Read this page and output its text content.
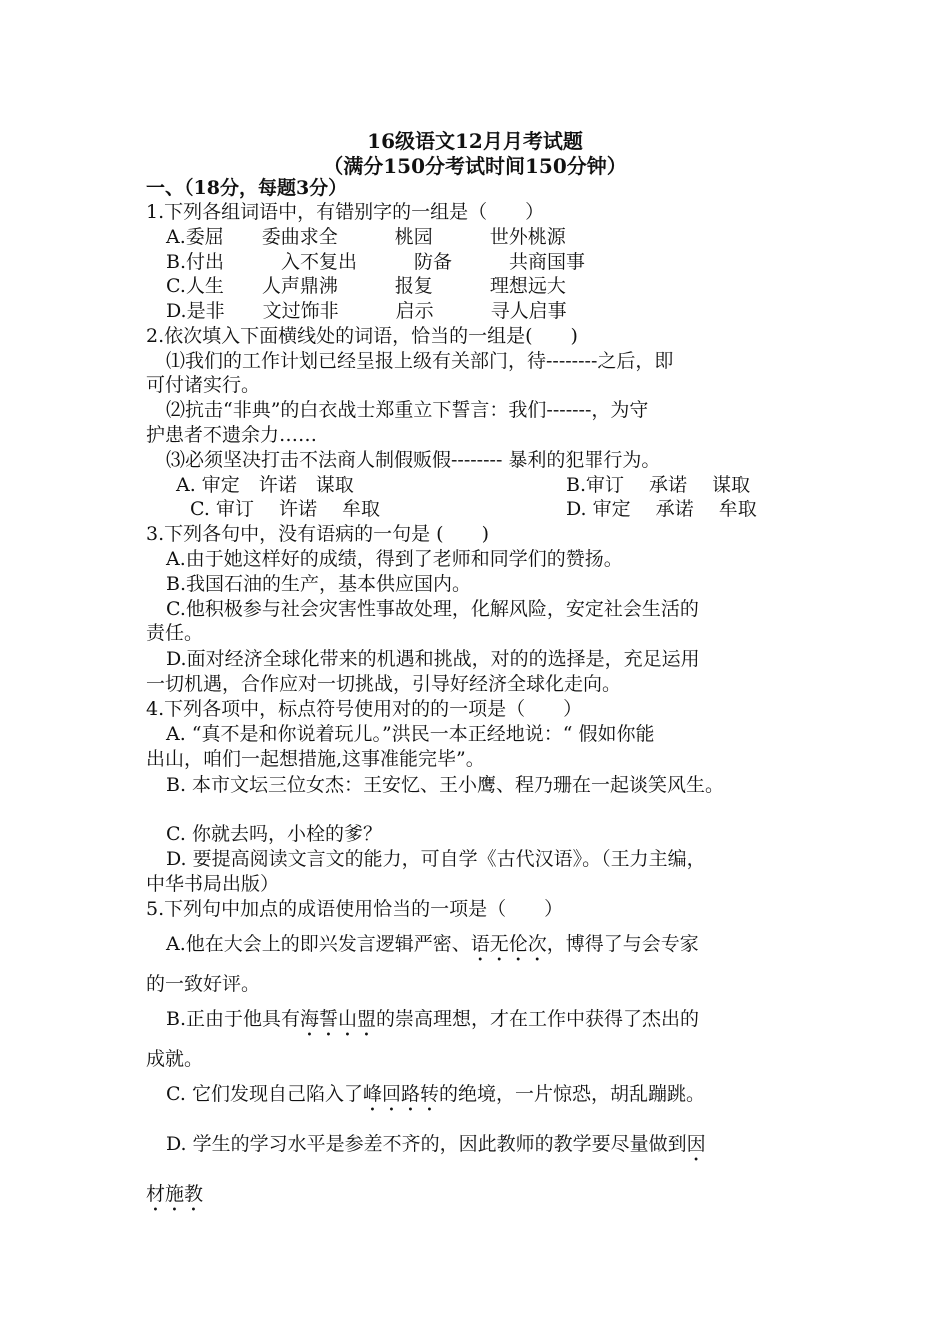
16级语文12月月考试题
（满分150分考试时间150分钟）
一、（18分，每题3分）
1.下列各组词语中，有错别字的一组是（　　）
A.委屈　　委曲求全　　　桃园　　　世外桃源
B.付出　　　入不复出　　　防备　　　共商国事
C.人生　　人声鼎沸　　　报复　　　理想远大
D.是非　　文过饰非　　　启示　　　寻人启事
2.依次填入下面横线处的词语，恰当的一组是(　　)
⑴我们的工作计划已经呈报上级有关部门，待--------之后，即
可付诸实行。
⑵抗击“非典”的白衣战士郑重立下誓言：我们-------，为守
护患者不遗余力……
⑶必须坚决打击不法商人制假贩假-------- 暴利的犯罪行为。
A. 审定　许诺　谋取	B.审订　 承诺　 谋取
C. 审订　 许诺　 牟取	D. 审定　 承诺　 牟取
3.下列各句中，没有语病的一句是 (　　)
A.由于她这样好的成绩，得到了老师和同学们的赞扬。
B.我国石油的生产，基本供应国内。
C.他积极参与社会灾害性事故处理，化解风险，安定社会生活的
责任。
D.面对经济全球化带来的机遇和挑战，对的的选择是，充足运用
一切机遇，合作应对一切挑战，引导好经济全球化走向。
4.下列各项中，标点符号使用对的的一项是（　　）
A. “真不是和你说着玩儿。”洪民一本正经地说：“ 假如你能
出山，咱们一起想措施,这事准能完毕”。
B. 本市文坛三位女杰：王安忆、王小鹰、程乃珊在一起谈笑风生。
C. 你就去吗，小栓的爹？
D. 要提高阅读文言文的能力，可自学《古代汉语》。（王力主编，
中华书局出版）
5.下列句中加点的成语使用恰当的一项是（　　）
A.他在大会上的即兴发言逻辑严密、语无伦次，博得了与会专家
的一致好评。
B.正由于他具有海誓山盟的崇高理想，才在工作中获得了杰出的
成就。
C. 它们发现自己陷入了峰回路转的绝境，一片惊恐，胡乱蹦跳。
D. 学生的学习水平是参差不齐的，因此教师的教学要尽量做到因
材施教
